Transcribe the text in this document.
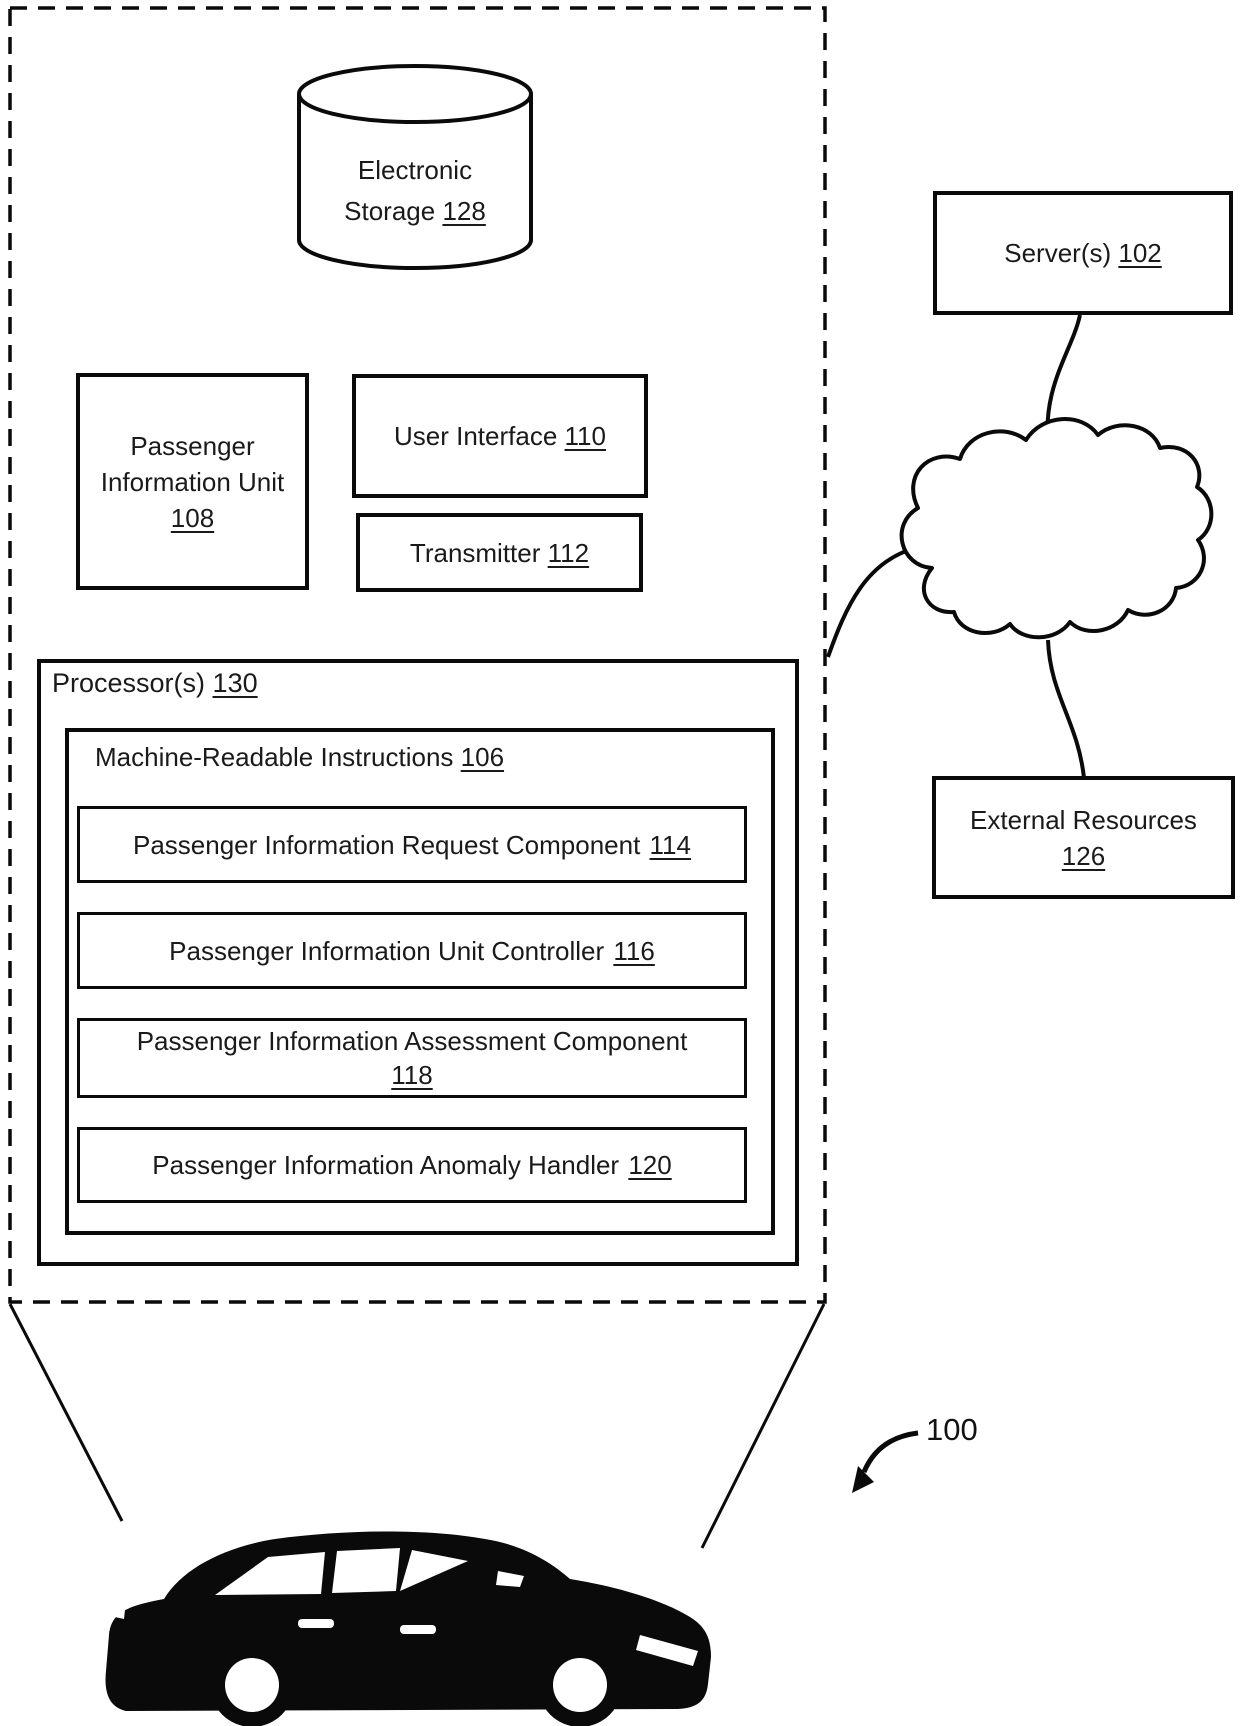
Electronic
Storage 128
Server(s) 102
External Resources
126
Passenger
Information Unit
108
User Interface 110
Transmitter 112
Processor(s) 130
Machine-Readable Instructions 106
Passenger Information Request Component 114
Passenger Information Unit Controller 116
Passenger Information Assessment Component
118
Passenger Information Anomaly Handler 120
100
